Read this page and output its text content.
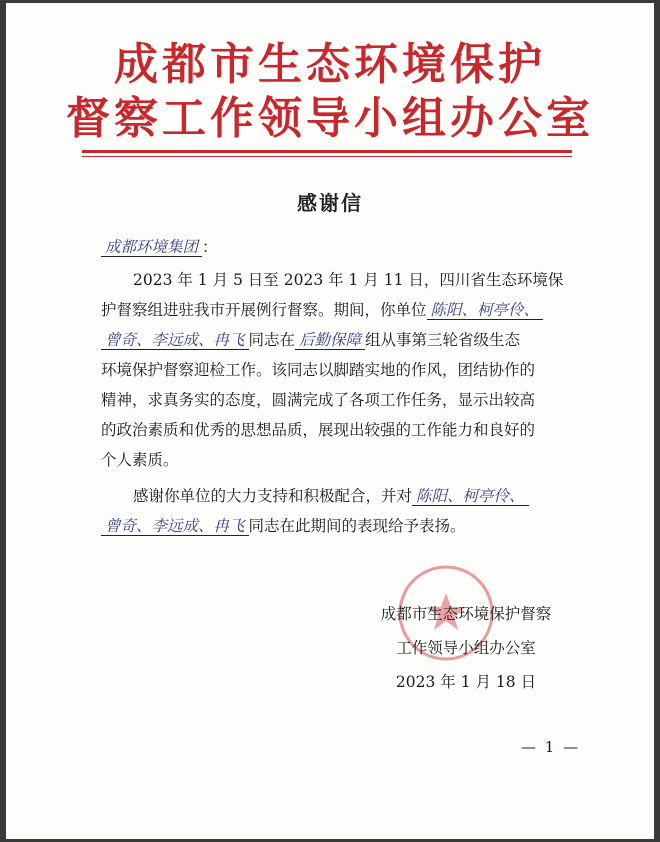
成都市生态环境保护
督察工作领导小组办公室
感谢信
成都环境集团 ：
2023 年 1 月 5 日至 2023 年 1 月 11 日，四川省生态环境保
护督察组进驻我市开展例行督察。期间，你单位 陈阳、柯亭伶、
曾奇、李远成、冉飞 同志在 后勤保障 组从事第三轮省级生态
环境保护督察迎检工作。该同志以脚踏实地的作风，团结协作的
精神，求真务实的态度，圆满完成了各项工作任务，显示出较高
的政治素质和优秀的思想品质，展现出较强的工作能力和良好的
个人素质。
感谢你单位的大力支持和积极配合，并对 陈阳、柯亭伶、
曾奇、李远成、冉飞 同志在此期间的表现给予表扬。
成都市生态环境保护督察
工作领导小组办公室
2023 年 1 月 18 日
— 1 —
